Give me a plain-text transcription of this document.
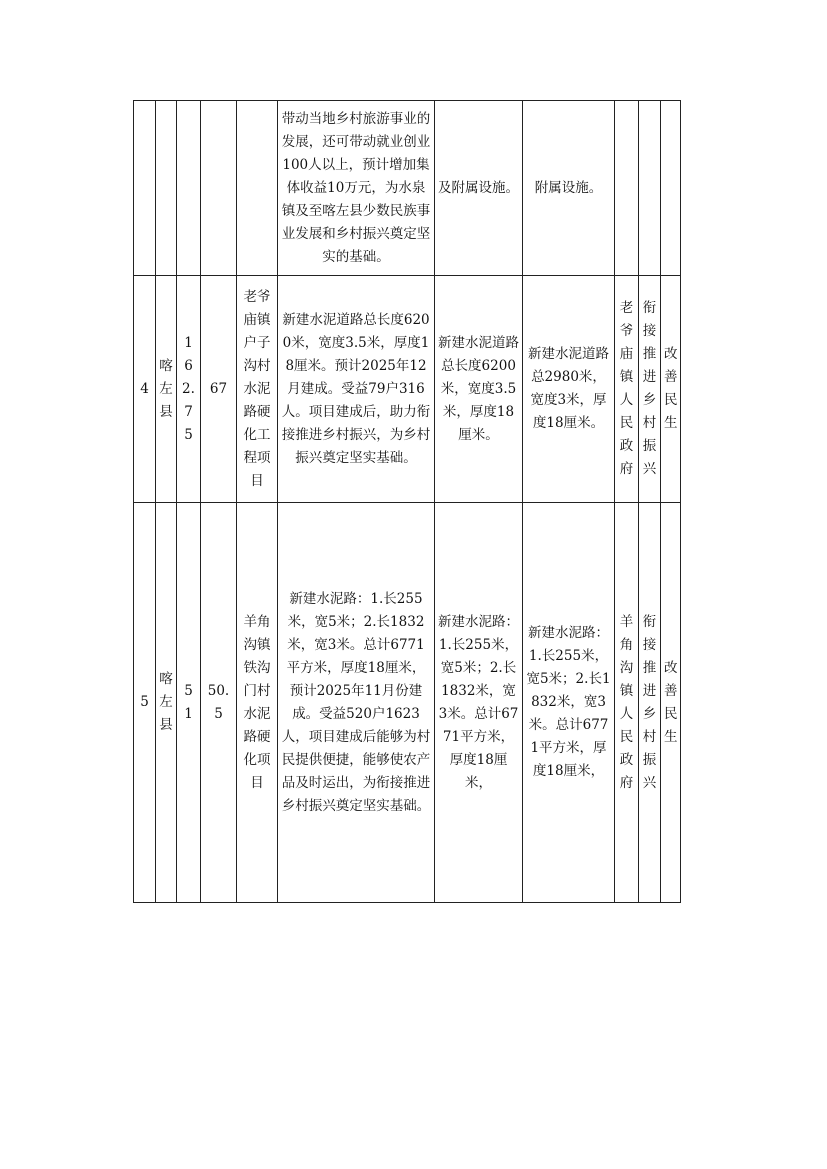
					带动当地乡村旅游事业的发展，还可带动就业创业100人以上，预计增加集体收益10万元，为水泉镇及至喀左县少数民族事业发展和乡村振兴奠定坚实的基础。	及附属设施。	附属设施。			
4	喀左县	162.75	67	老爷庙镇户子沟村水泥路硬化工程项目	新建水泥道路总长度6200米，宽度3.5米，厚度18厘米。预计2025年12月建成。受益79户316人。项目建成后，助力衔接推进乡村振兴，为乡村振兴奠定坚实基础。	新建水泥道路总长度6200米，宽度3.5米，厚度18厘米。	新建水泥道路总2980米，宽度3米，厚度18厘米。	老爷庙镇人民政府	衔接推进乡村振兴	改善民生
5	喀左县	51	50.5	羊角沟镇铁沟门村水泥路硬化项目	新建水泥路：1.长255米，宽5米；2.长1832米，宽3米。总计6771平方米，厚度18厘米，预计2025年11月份建成。受益520户1623人，项目建成后能够为村民提供便捷，能够使农产品及时运出，为衔接推进乡村振兴奠定坚实基础。	新建水泥路：1.长255米，宽5米；2.长1832米，宽3米。总计6771平方米，厚度18厘米，	新建水泥路：1.长255米，宽5米；2.长1832米，宽3米。总计6771平方米，厚度18厘米，	羊角沟镇人民政府	衔接推进乡村振兴	改善民生
